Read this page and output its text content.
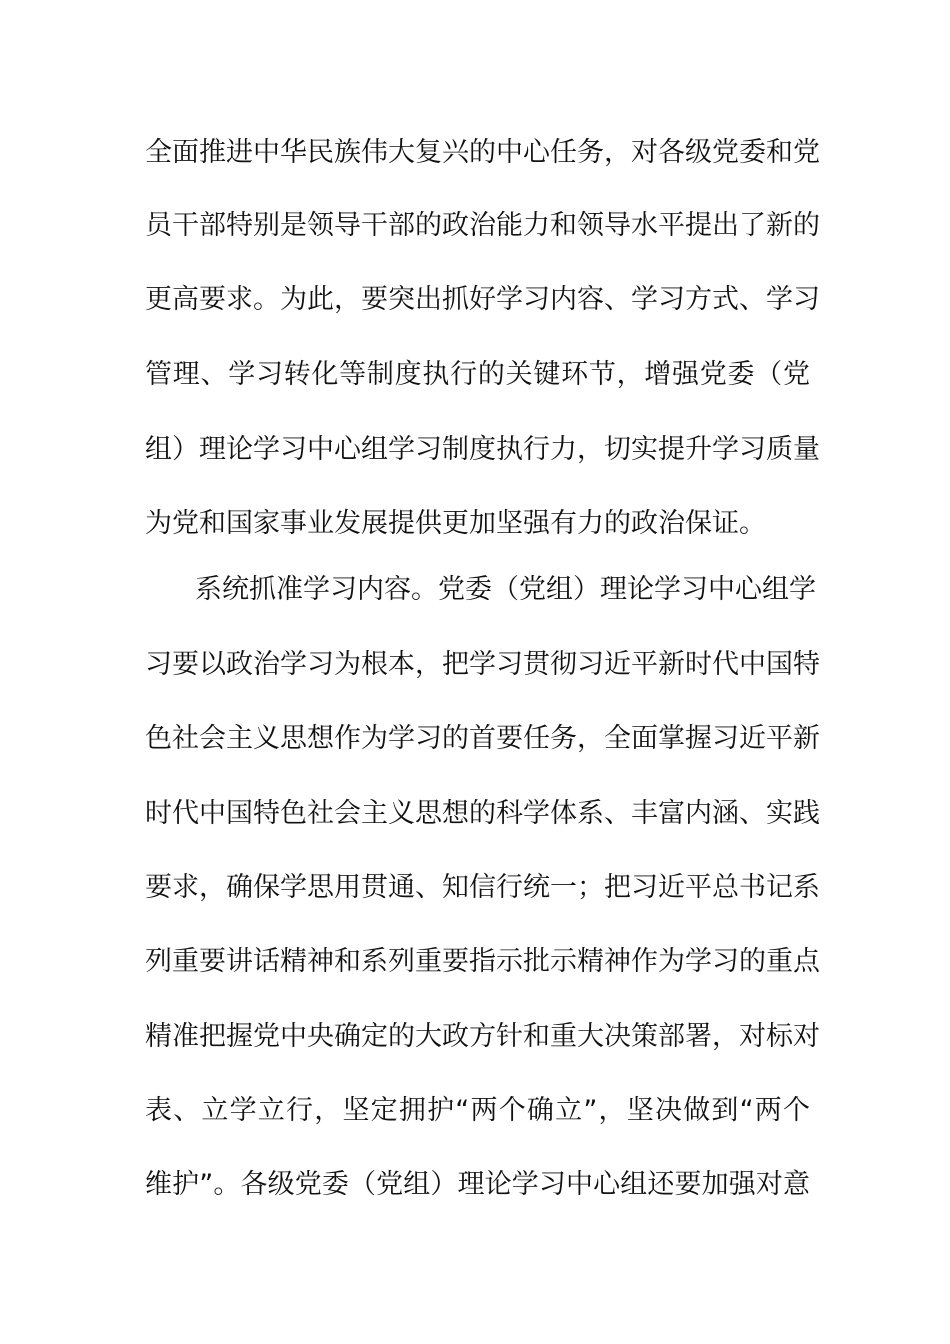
全面推进中华民族伟大复兴的中心任务，对各级党委和党
员干部特别是领导干部的政治能力和领导水平提出了新的
更高要求。为此，要突出抓好学习内容、学习方式、学习
管理、学习转化等制度执行的关键环节，增强党委（党
组）理论学习中心组学习制度执行力，切实提升学习质量
为党和国家事业发展提供更加坚强有力的政治保证。
系统抓准学习内容。党委（党组）理论学习中心组学
习要以政治学习为根本，把学习贯彻习近平新时代中国特
色社会主义思想作为学习的首要任务，全面掌握习近平新
时代中国特色社会主义思想的科学体系、丰富内涵、实践
要求，确保学思用贯通、知信行统一；把习近平总书记系
列重要讲话精神和系列重要指示批示精神作为学习的重点
精准把握党中央确定的大政方针和重大决策部署，对标对
表、立学立行，坚定拥护“两个确立”，坚决做到“两个
维护”。各级党委（党组）理论学习中心组还要加强对意
